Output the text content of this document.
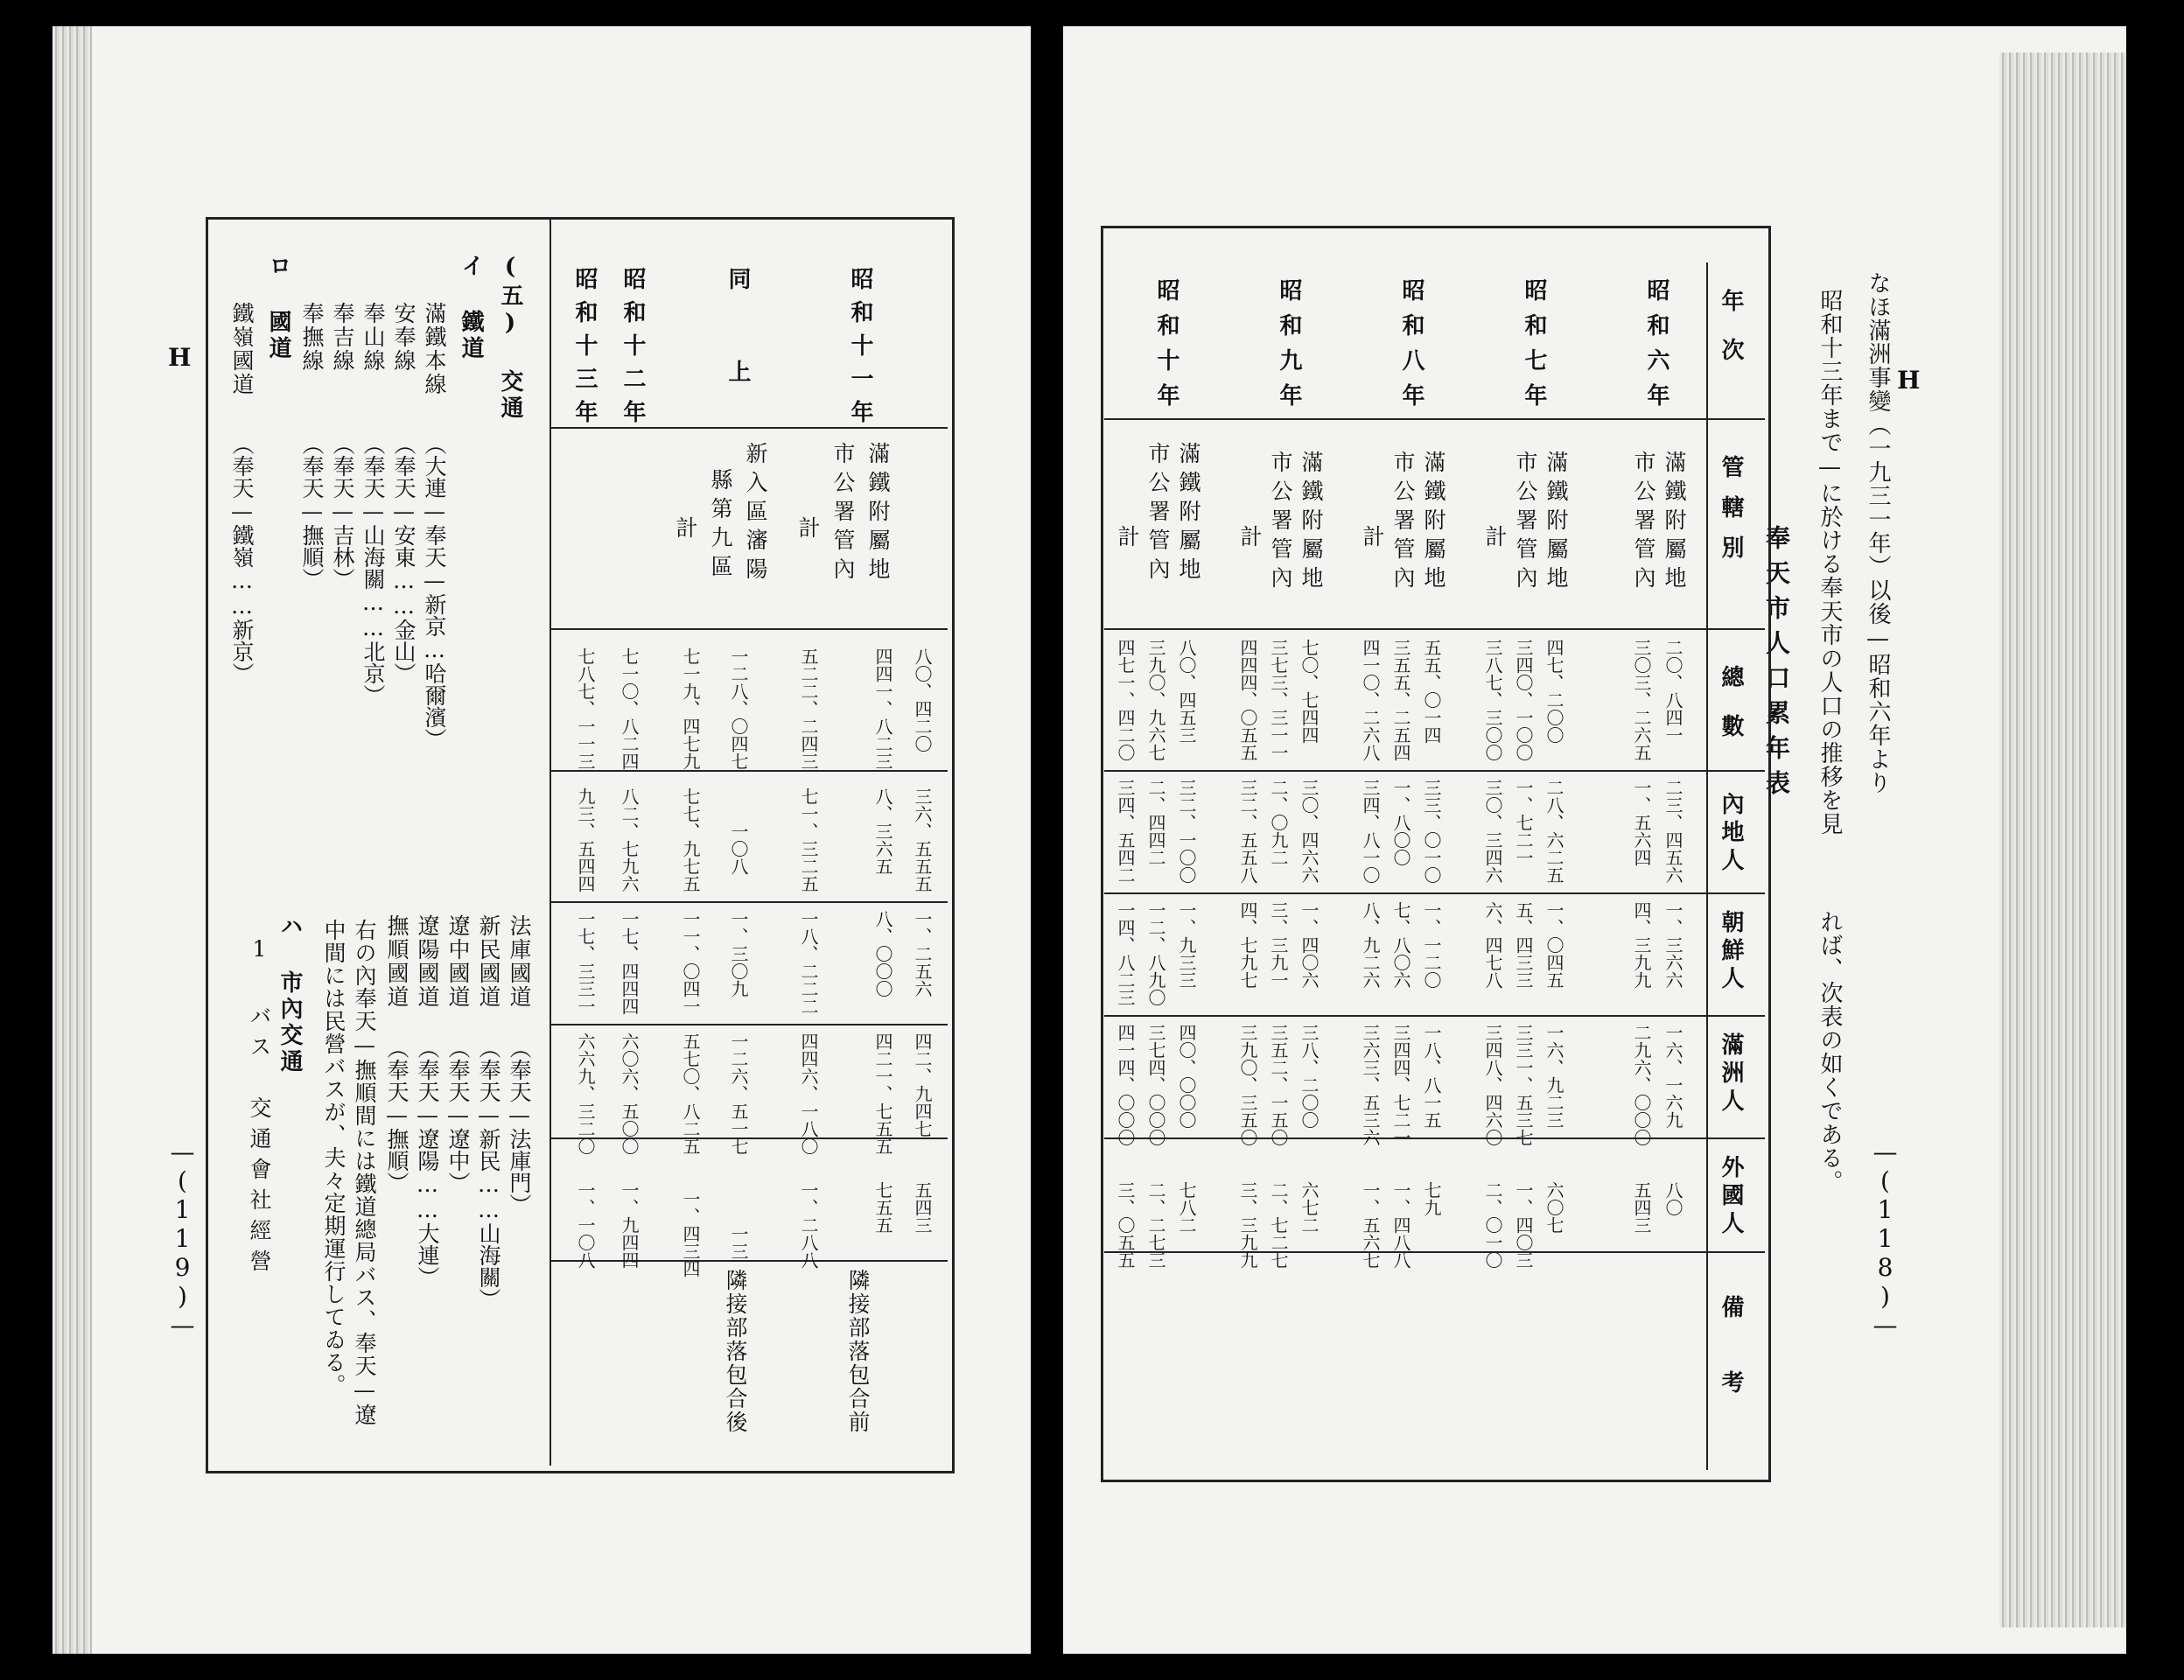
H
なほ滿洲事變（一九三一年）以後—昭和六年より
昭和十三年まで—に於ける奉天市の人口の推移を見
れば、次表の如くである。
奉天市人口累年表
—(118)—
年次
管轄別
總數
內地人
朝鮮人
滿洲人
外國人
備考
昭和六年
昭和七年
昭和八年
昭和九年
昭和十年
滿鐵附屬地
市公署管內
二〇、八四一
三〇三、二六五
二三、四五六
一、五六四
一、三六六
四、三九九
一六、一六九
二九六、〇〇〇
八〇
五四三
滿鐵附屬地
市公署管內
計
四七、二〇〇
三四〇、一〇〇
三八七、三〇〇
二八、六二五
一、七二一
三〇、三四六
一、〇四五
五、四三三
六、四七八
一六、九二三
三三一、五三七
三四八、四六〇
六〇七
一、四〇三
二、〇一〇
滿鐵附屬地
市公署管內
計
五五、〇一四
三五五、二五四
四一〇、二六八
三三、〇一〇
一、八〇〇
三四、八一〇
一、一二〇
七、八〇六
八、九二六
一八、八一五
三四四、七二一
三六三、五三六
七九
一、四八八
一、五六七
滿鐵附屬地
市公署管內
計
七〇、七四四
三七三、三一一
四四四、〇五五
三〇、四六六
二、〇九二
三二、五五八
一、四〇六
三、三九一
四、七九七
三八、二〇〇
三五二、一五〇
三九〇、三五〇
六七二
二、七二七
三、三九九
滿鐵附屬地
市公署管內
計
八〇、四五三
三九〇、九六七
四七一、四二〇
三二、一〇〇
二、四四二
三四、五四二
一、九三三
一二、八九〇
一四、八二三
四〇、〇〇〇
三七四、〇〇〇
四一四、〇〇〇
七八二
二、二七三
三、〇五五
H
—(119)—
昭和十一年
滿鐵附屬地
市公署管內
計
八〇、四二〇
四四一、八二三
五二二、二四三
三六、五五五
八、三六五
七一、三二五
一、二五六
八、〇〇〇
一八、二二二
四二、九四七
四二一、七五五
四四六、一八〇
五四三
七五五
一、二八八
隣接部落包合前
同上
新入區瀋陽
縣第九區
計
一二八、〇四七
七一九、四七九
一〇八
七七、九七五
一、三〇九
一一、〇四一
一二六、五一七
五七〇、八二五
一三
一、四三四
隣接部落包合後
昭和十二年
七一〇、八二四
八二、七九六
一七、四四四
六〇六、五〇〇
一、九四四
昭和十三年
七八七、一一三
九三、五四四
一七、三三一
六六九、三二〇
一、一〇八
(五) 交通
イ 鐵道
滿鐵本線
（大連—奉天—新京…哈爾濱）
安奉線
（奉天—安東……金山）
奉山線
（奉天—山海關……北京）
奉吉線
（奉天—吉林）
奉撫線
（奉天—撫順）
ロ 國道
鐵嶺國道
（奉天—鐵嶺……新京）
法庫國道
（奉天—法庫門）
新民國道
（奉天—新民……山海關）
遼中國道
（奉天—遼中）
遼陽國道
（奉天—遼陽……大連）
撫順國道
（奉天—撫順）
右の內奉天—撫順間には鐵道總局バス、奉天—遼
中間には民營バスが、夫々定期運行してゐる。
ハ 市內交通
1 バス　交通會社經營
